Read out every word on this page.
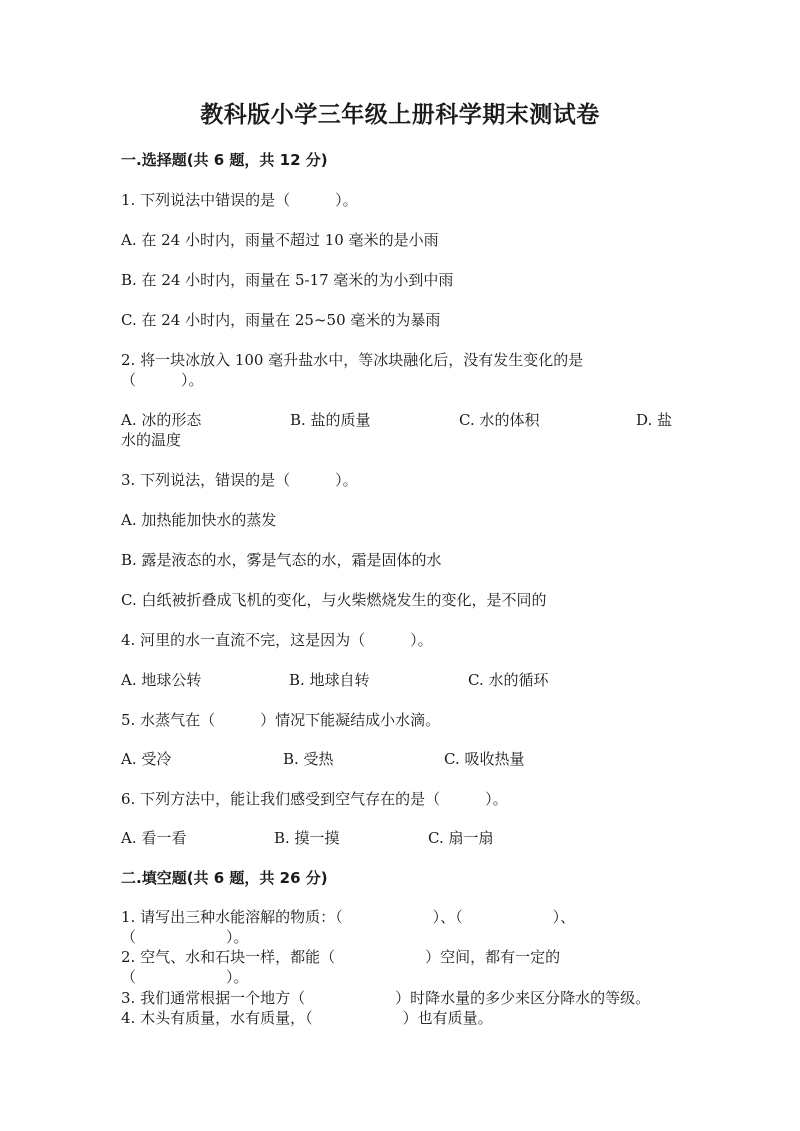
教科版小学三年级上册科学期末测试卷
一.选择题(共 6 题，共 12 分)
1. 下列说法中错误的是（　　　）。
A. 在 24 小时内，雨量不超过 10 毫米的是小雨
B. 在 24 小时内，雨量在 5-17 毫米的为小到中雨
C. 在 24 小时内，雨量在 25~50 毫米的为暴雨
2. 将一块冰放入 100 毫升盐水中，等冰块融化后，没有发生变化的是
（　　　）。
A. 冰的形态	B. 盐的质量	C. 水的体积	D. 盐
水的温度
3. 下列说法，错误的是（　　　）。
A. 加热能加快水的蒸发
B. 露是液态的水，雾是气态的水，霜是固体的水
C. 白纸被折叠成飞机的变化，与火柴燃烧发生的变化，是不同的
4. 河里的水一直流不完，这是因为（　　　）。
A. 地球公转	B. 地球自转	C. 水的循环
5. 水蒸气在（　　　）情况下能凝结成小水滴。
A. 受冷	B. 受热	C. 吸收热量
6. 下列方法中，能让我们感受到空气存在的是（　　　）。
A. 看一看	B. 摸一摸	C. 扇一扇
二.填空题(共 6 题，共 26 分)
1. 请写出三种水能溶解的物质：（　　　　　　）、（　　　　　　）、
（　　　　　　）。
2. 空气、水和石块一样，都能（　　　　　　）空间，都有一定的
（　　　　　　）。
3. 我们通常根据一个地方（　　　　　　）时降水量的多少来区分降水的等级。
4. 木头有质量，水有质量，（　　　　　　）也有质量。
